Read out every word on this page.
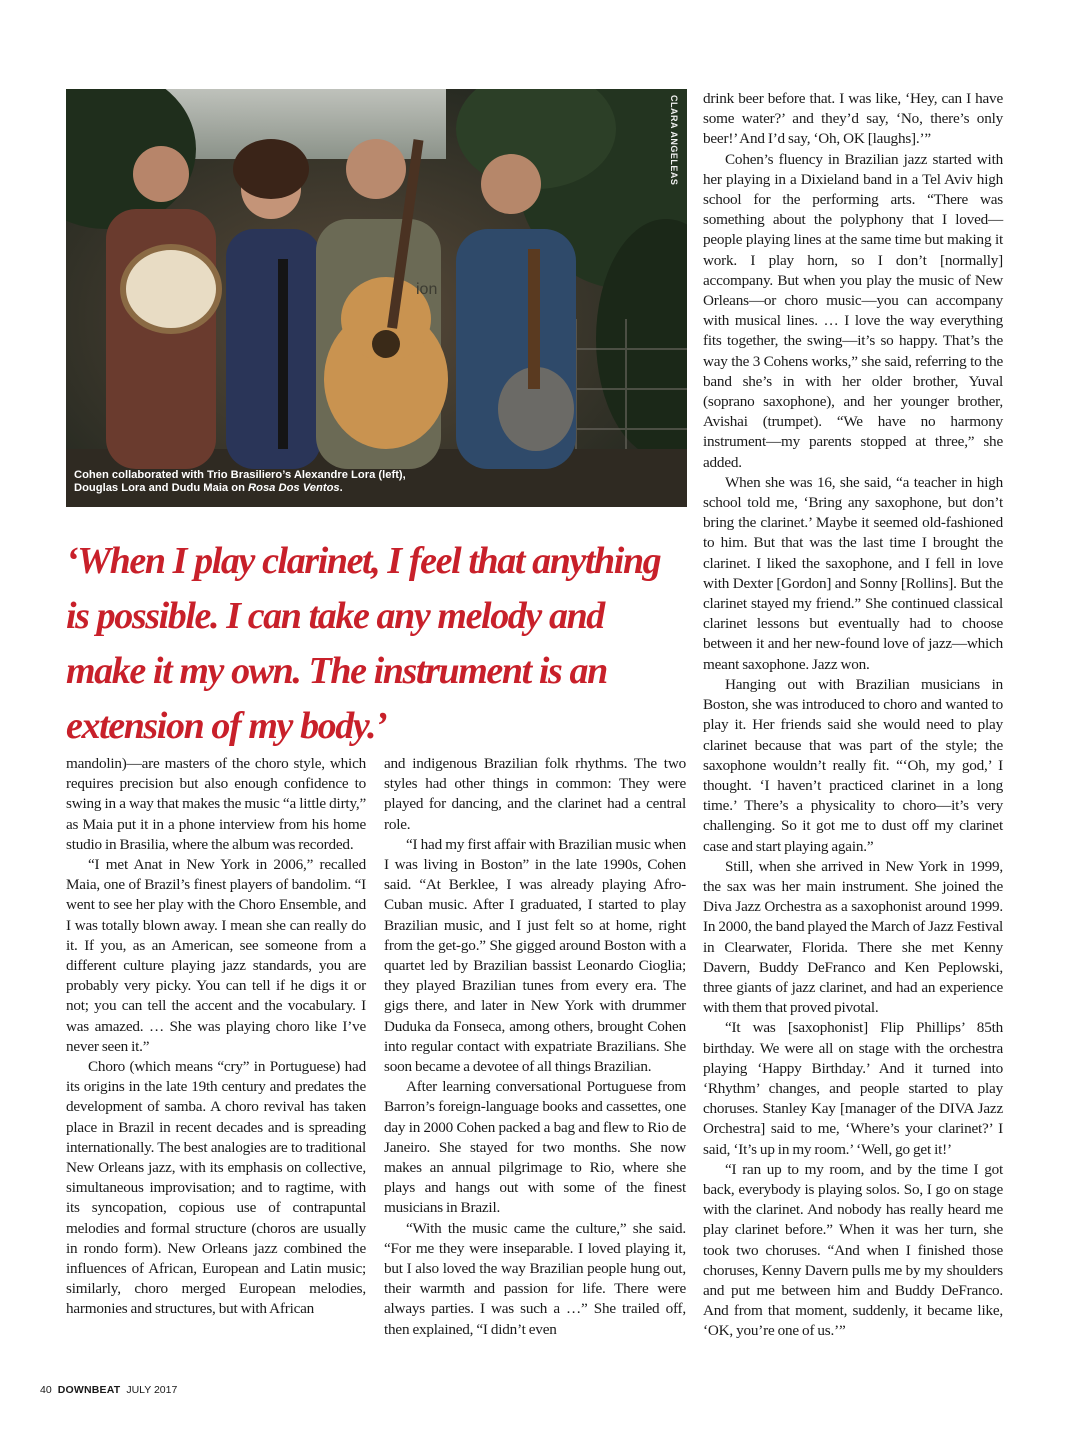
ion
CLARA ANGELEAS
Cohen collaborated with Trio Brasiliero’s Alexandre Lora (left),
Douglas Lora and Dudu Maia on Rosa Dos Ventos.

‘When I play clarinet, I feel that anything is possible. I can take any melody and make it my own. The instrument is an extension of my body.’

mandolin)—are masters of the choro style, which requires precision but also enough confidence to swing in a way that makes the music “a little dirty,” as Maia put it in a phone interview from his home studio in Brasilia, where the album was recorded.

“I met Anat in New York in 2006,” recalled Maia, one of Brazil’s finest players of bandolim. “I went to see her play with the Choro Ensemble, and I was totally blown away. I mean she can really do it. If you, as an American, see someone from a different culture playing jazz standards, you are probably very picky. You can tell if he digs it or not; you can tell the accent and the vocabulary. I was amazed. … She was playing choro like I’ve never seen it.”

Choro (which means “cry” in Portuguese) had its origins in the late 19th century and predates the development of samba. A choro revival has taken place in Brazil in recent decades and is spreading internationally. The best analogies are to traditional New Orleans jazz, with its emphasis on collective, simultaneous improvisation; and to ragtime, with its syncopation, copious use of contrapuntal melodies and formal structure (choros are usually in rondo form). New Orleans jazz combined the influences of African, European and Latin music; similarly, choro merged European melodies, harmonies and structures, but with African

and indigenous Brazilian folk rhythms. The two styles had other things in common: They were played for dancing, and the clarinet had a central role.

“I had my first affair with Brazilian music when I was living in Boston” in the late 1990s, Cohen said. “At Berklee, I was already playing Afro-Cuban music. After I graduated, I started to play Brazilian music, and I just felt so at home, right from the get-go.” She gigged around Boston with a quartet led by Brazilian bassist Leonardo Cioglia; they played Brazilian tunes from every era. The gigs there, and later in New York with drummer Duduka da Fonseca, among others, brought Cohen into regular contact with expatriate Brazilians. She soon became a devotee of all things Brazilian.

After learning conversational Portuguese from Barron’s foreign-language books and cassettes, one day in 2000 Cohen packed a bag and flew to Rio de Janeiro. She stayed for two months. She now makes an annual pilgrimage to Rio, where she plays and hangs out with some of the finest musicians in Brazil.

“With the music came the culture,” she said. “For me they were inseparable. I loved playing it, but I also loved the way Brazilian people hung out, their warmth and passion for life. There were always parties. I was such a …” She trailed off, then explained, “I didn’t even

drink beer before that. I was like, ‘Hey, can I have some water?’ and they’d say, ‘No, there’s only beer!’ And I’d say, ‘Oh, OK [laughs].’”

Cohen’s fluency in Brazilian jazz started with her playing in a Dixieland band in a Tel Aviv high school for the performing arts. “There was something about the polyphony that I loved—people playing lines at the same time but making it work. I play horn, so I don’t [normally] accompany. But when you play the music of New Orleans—or choro music—you can accompany with musical lines. … I love the way everything fits together, the swing—it’s so happy. That’s the way the 3 Cohens works,” she said, referring to the band she’s in with her older brother, Yuval (soprano saxophone), and her younger brother, Avishai (trumpet). “We have no harmony instrument—my parents stopped at three,” she added.

When she was 16, she said, “a teacher in high school told me, ‘Bring any saxophone, but don’t bring the clarinet.’ Maybe it seemed old-fashioned to him. But that was the last time I brought the clarinet. I liked the saxophone, and I fell in love with Dexter [Gordon] and Sonny [Rollins]. But the clarinet stayed my friend.” She continued classical clarinet lessons but eventually had to choose between it and her new-found love of jazz—which meant saxophone. Jazz won.

Hanging out with Brazilian musicians in Boston, she was introduced to choro and wanted to play it. Her friends said she would need to play clarinet because that was part of the style; the saxophone wouldn’t really fit. “‘Oh, my god,’ I thought. ‘I haven’t practiced clarinet in a long time.’ There’s a physicality to choro—it’s very challenging. So it got me to dust off my clarinet case and start playing again.”

Still, when she arrived in New York in 1999, the sax was her main instrument. She joined the Diva Jazz Orchestra as a saxophonist around 1999. In 2000, the band played the March of Jazz Festival in Clearwater, Florida. There she met Kenny Davern, Buddy DeFranco and Ken Peplowski, three giants of jazz clarinet, and had an experience with them that proved pivotal.

“It was [saxophonist] Flip Phillips’ 85th birthday. We were all on stage with the orchestra playing ‘Happy Birthday.’ And it turned into ‘Rhythm’ changes, and people started to play choruses. Stanley Kay [manager of the DIVA Jazz Orchestra] said to me, ‘Where’s your clarinet?’ I said, ‘It’s up in my room.’ ‘Well, go get it!’

“I ran up to my room, and by the time I got back, everybody is playing solos. So, I go on stage with the clarinet. And nobody has really heard me play clarinet before.” When it was her turn, she took two choruses. “And when I finished those choruses, Kenny Davern pulls me by my shoulders and put me between him and Buddy DeFranco. And from that moment, suddenly, it became like, ‘OK, you’re one of us.’”

40 DOWNBEAT JULY 2017
